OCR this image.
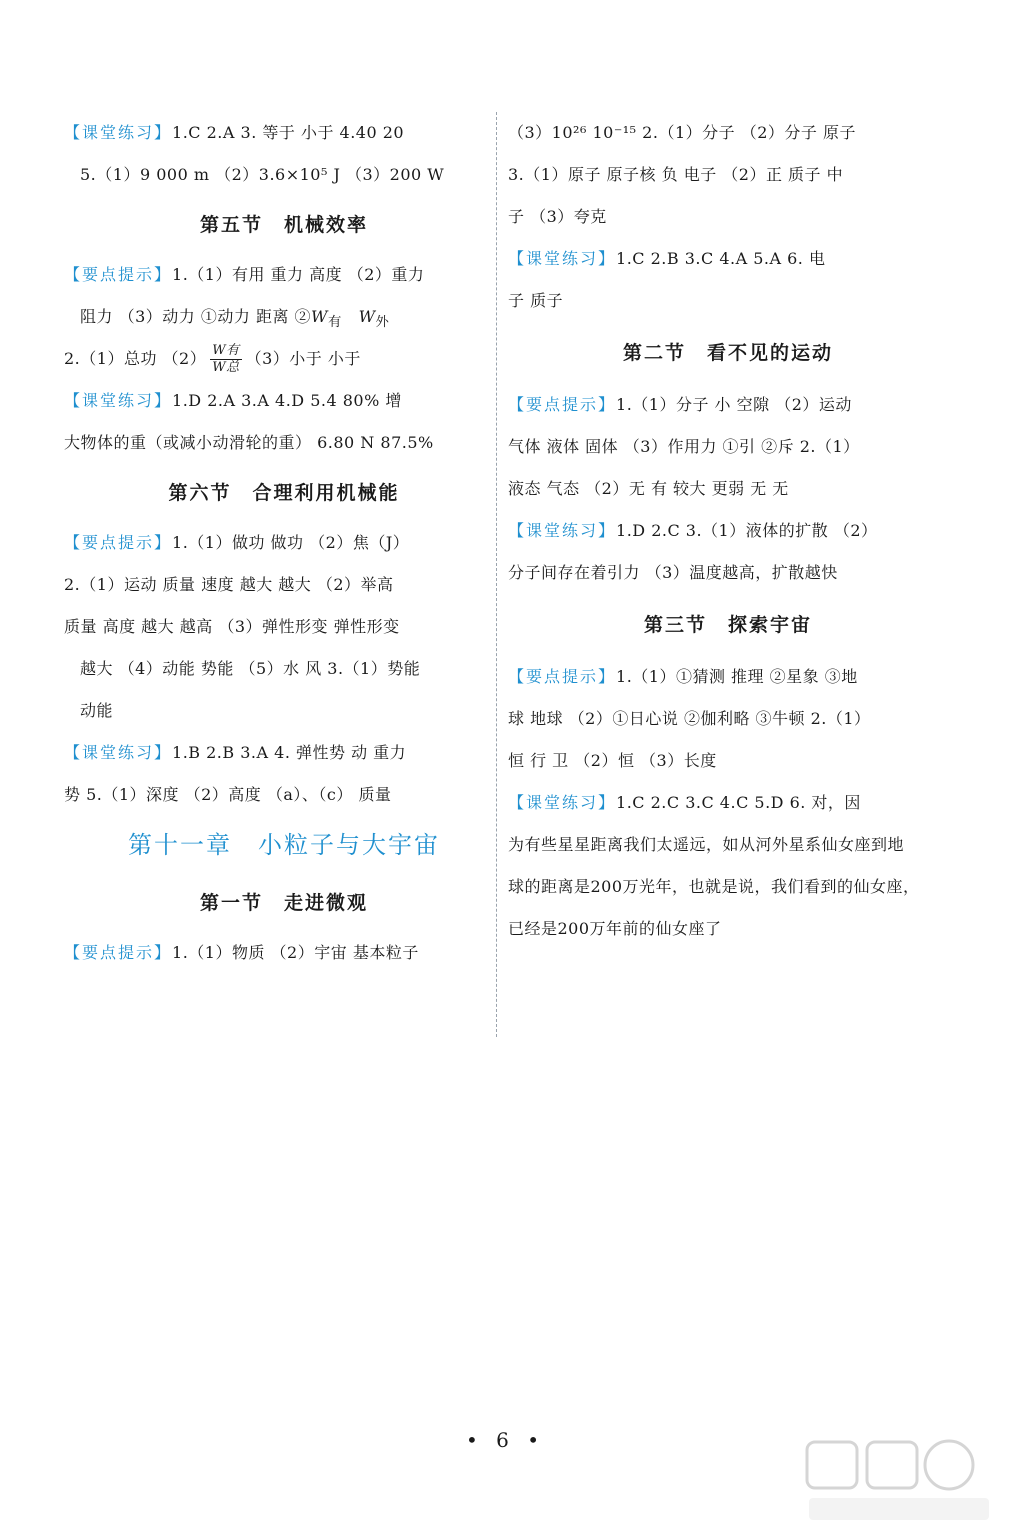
【课堂练习】1.C 2.A 3. 等于 小于 4.40 20
5.（1）9 000 m （2）3.6×10⁵ J （3）200 W
第五节　机械效率
【要点提示】1.（1）有用 重力 高度 （2）重力
阻力 （3）动力 ①动力 距离 $②W_有$ $W_外$
2.（1）总功 $(2) \frac{\text{W有}}{\text{W总}} (3)$小于 小于
【课堂练习】1.D 2.A 3.A 4.D 5.4 80% 增
大物体的重（或减小动滑轮的重） 6.80 N 87.5%
第六节　合理利用机械能
【要点提示】1.（1）做功 做功 （2）焦（J）
2.（1）运动 质量 速度 越大 越大 （2）举高
质量 高度 越大 越高 （3）弹性形变 弹性形变
越大 （4）动能 势能 （5）水 风 3.（1）势能
动能
【课堂练习】1.B 2.B 3.A 4. 弹性势 动 重力
势 5.（1）深度 （2）高度 （a）、（c） 质量
第十一章　小粒子与大宇宙
第一节　走进微观
【要点提示】1.（1）物质 （2）宇宙 基本粒子
（3）10²⁶ 10⁻¹⁵ 2.（1）分子 （2）分子 原子
3.（1）原子 原子核 负 电子 （2）正 质子 中
子 （3）夸克
【课堂练习】1.C 2.B 3.C 4.A 5.A 6. 电
子 质子
第二节　看不见的运动
【要点提示】1.（1）分子 小 空隙 （2）运动
气体 液体 固体 （3）作用力 ①引 ②斥 2.（1）
液态 气态 （2）无 有 较大 更弱 无 无
【课堂练习】1.D 2.C 3.（1）液体的扩散 （2）
分子间存在着引力 （3）温度越高，扩散越快
第三节　探索宇宙
【要点提示】1.（1）①猜测 推理 ②星象 ③地
球 地球 （2）①日心说 ②伽利略 ③牛顿 2.（1）
恒 行 卫 （2）恒 （3）长度
【课堂练习】1.C 2.C 3.C 4.C 5.D 6. 对，因
为有些星星距离我们太遥远，如从河外星系仙女座到地
球的距离是200万光年，也就是说，我们看到的仙女座，
已经是200万年前的仙女座了
• 6 •
